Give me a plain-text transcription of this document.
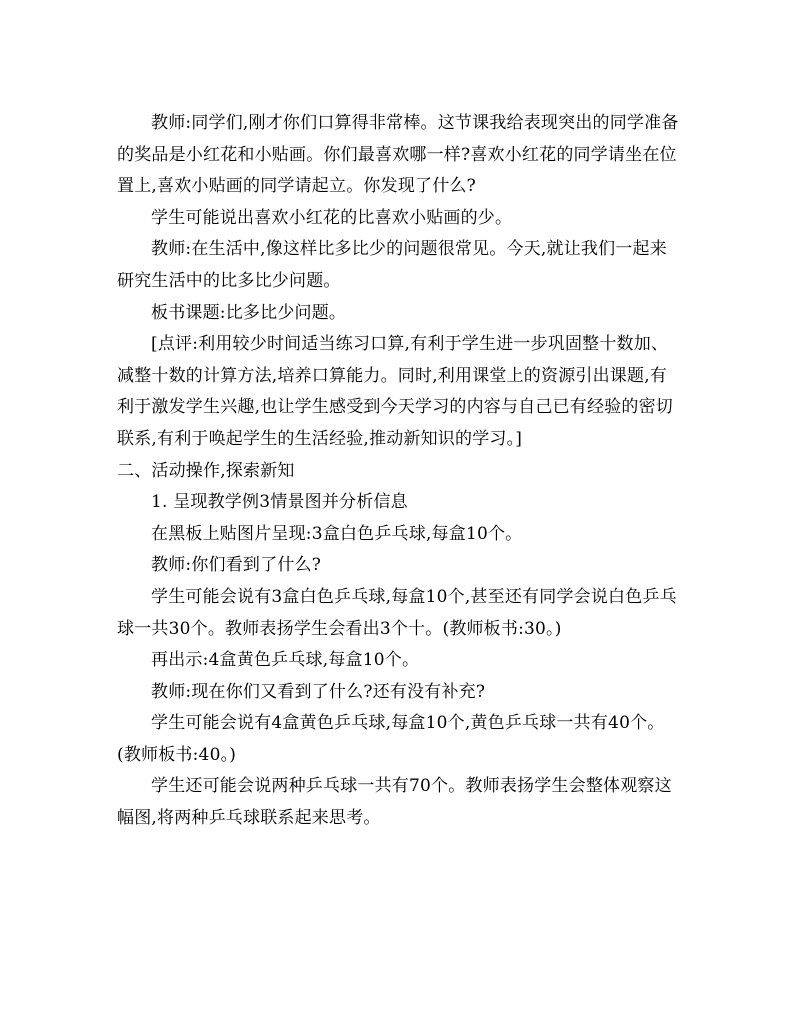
教师:同学们,刚才你们口算得非常棒。这节课我给表现突出的同学准备的奖品是小红花和小贴画。你们最喜欢哪一样?喜欢小红花的同学请坐在位置上,喜欢小贴画的同学请起立。你发现了什么?

学生可能说出喜欢小红花的比喜欢小贴画的少。

教师:在生活中,像这样比多比少的问题很常见。今天,就让我们一起来研究生活中的比多比少问题。

板书课题:比多比少问题。

[点评:利用较少时间适当练习口算,有利于学生进一步巩固整十数加、减整十数的计算方法,培养口算能力。同时,利用课堂上的资源引出课题,有利于激发学生兴趣,也让学生感受到今天学习的内容与自己已有经验的密切联系,有利于唤起学生的生活经验,推动新知识的学习。]

二、活动操作,探索新知

1. 呈现教学例3情景图并分析信息

在黑板上贴图片呈现:3盒白色乒乓球,每盒10个。

教师:你们看到了什么?

学生可能会说有3盒白色乒乓球,每盒10个,甚至还有同学会说白色乒乓球一共30个。教师表扬学生会看出3个十。(教师板书:30。)

再出示:4盒黄色乒乓球,每盒10个。

教师:现在你们又看到了什么?还有没有补充?

学生可能会说有4盒黄色乒乓球,每盒10个,黄色乒乓球一共有40个。(教师板书:40。)

学生还可能会说两种乒乓球一共有70个。教师表扬学生会整体观察这幅图,将两种乒乓球联系起来思考。
